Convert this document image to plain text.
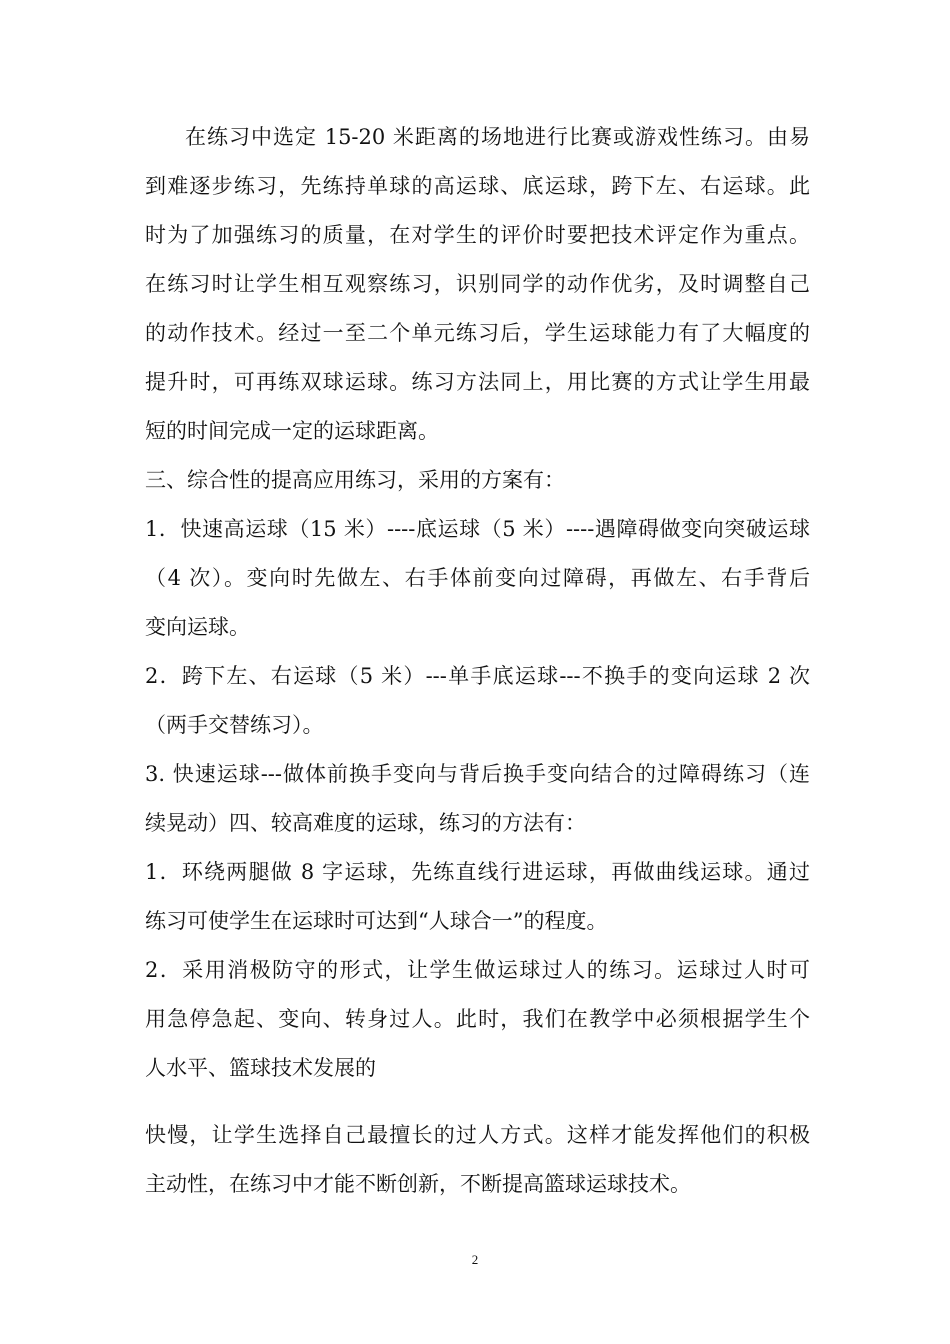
在练习中选定 15-20 米距离的场地进行比赛或游戏性练习。由易
到难逐步练习，先练持单球的高运球、底运球，跨下左、右运球。此
时为了加强练习的质量，在对学生的评价时要把技术评定作为重点。
在练习时让学生相互观察练习，识别同学的动作优劣，及时调整自己
的动作技术。经过一至二个单元练习后，学生运球能力有了大幅度的
提升时，可再练双球运球。练习方法同上，用比赛的方式让学生用最
短的时间完成一定的运球距离。
三、综合性的提高应用练习，采用的方案有：
1．快速高运球（15 米）----底运球（5 米）----遇障碍做变向突破运球
（4 次）。变向时先做左、右手体前变向过障碍，再做左、右手背后
变向运球。
2．跨下左、右运球（5 米）---单手底运球---不换手的变向运球 2 次
（两手交替练习）。
3. 快速运球---做体前换手变向与背后换手变向结合的过障碍练习（连
续晃动）四、较高难度的运球，练习的方法有：
1．环绕两腿做 8 字运球，先练直线行进运球，再做曲线运球。通过
练习可使学生在运球时可达到“人球合一”的程度。
2．采用消极防守的形式，让学生做运球过人的练习。运球过人时可
用急停急起、变向、转身过人。此时，我们在教学中必须根据学生个
人水平、篮球技术发展的
快慢，让学生选择自己最擅长的过人方式。这样才能发挥他们的积极
主动性，在练习中才能不断创新，不断提高篮球运球技术。
2
